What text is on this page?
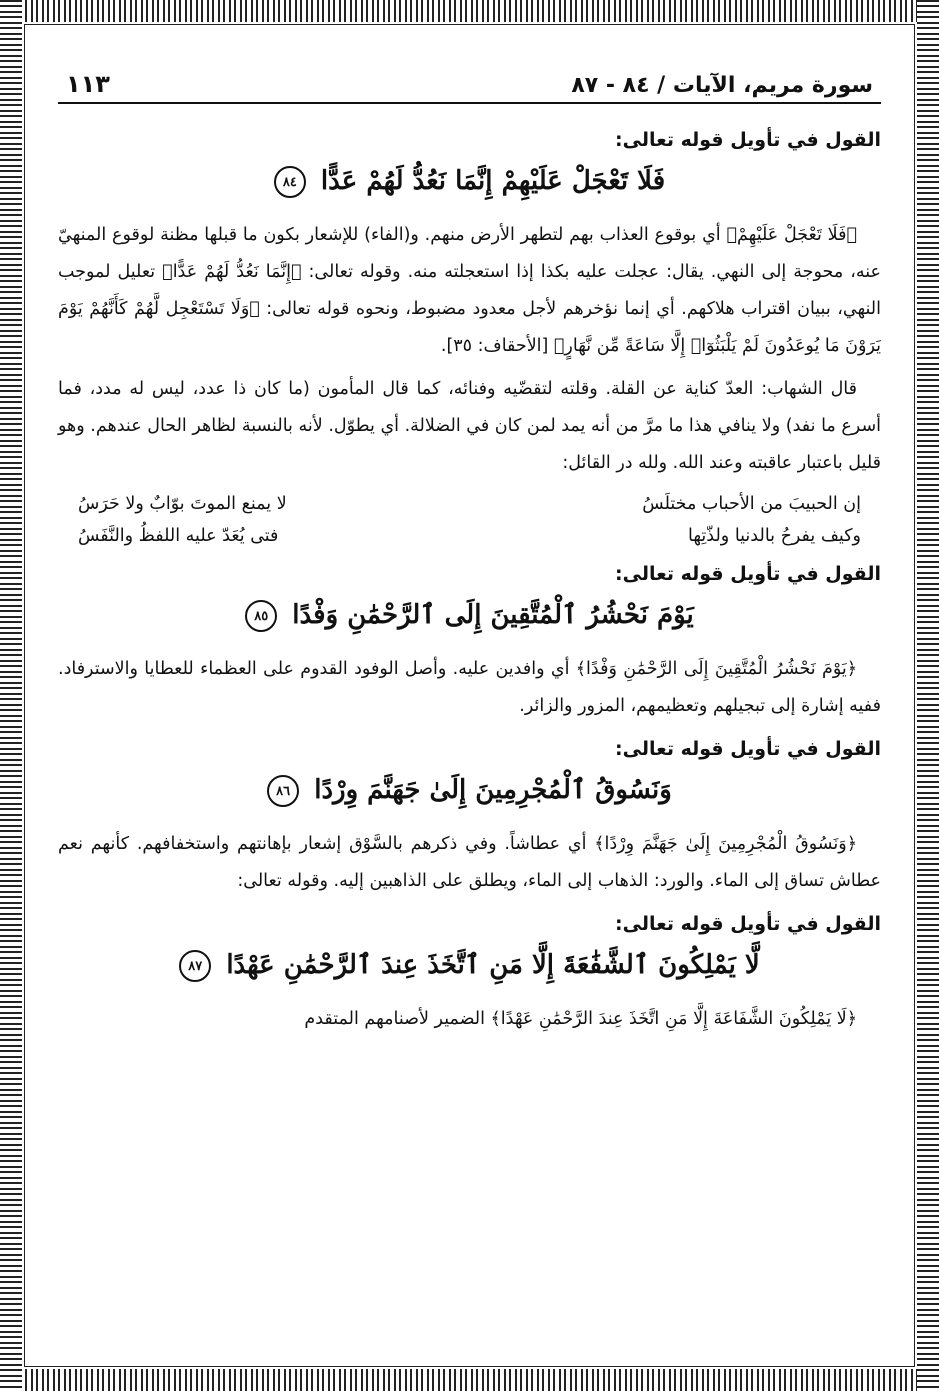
سورة مريم، الآيات / ٨٤ - ٨٧
١١٣
القول في تأويل قوله تعالى:
فَلَا تَعْجَلْ عَلَيْهِمْ إِنَّمَا نَعُدُّ لَهُمْ عَدًّا ٨٤

﴿فَلَا تَعْجَلْ عَلَيْهِمْ﴾ أي بوقوع العذاب بهم لتطهر الأرض منهم. و(الفاء) للإشعار بكون ما قبلها مظنة لوقوع المنهيّ عنه، محوجة إلى النهي. يقال: عجلت عليه بكذا إذا استعجلته منه. وقوله تعالى: ﴿إِنَّمَا نَعُدُّ لَهُمْ عَدًّا﴾ تعليل لموجب النهي، ببيان اقتراب هلاكهم. أي إنما نؤخرهم لأجل معدود مضبوط، ونحوه قوله تعالى: ﴿وَلَا تَسْتَعْجِل لَّهُمْ كَأَنَّهُمْ يَوْمَ يَرَوْنَ مَا يُوعَدُونَ لَمْ يَلْبَثُوٓا۟ إِلَّا سَاعَةً مِّن نَّهَارٍ﴾ [الأحقاف: ٣٥].

قال الشهاب: العدّ كناية عن القلة. وقلته لتقضّيه وفنائه، كما قال المأمون (ما كان ذا عدد، ليس له مدد، فما أسرع ما نفد) ولا ينافي هذا ما مرَّ من أنه يمد لمن كان في الضلالة. أي يطوّل. لأنه بالنسبة لظاهر الحال عندهم. وهو قليل باعتبار عاقبته وعند الله. ولله در القائل:

إن الحبيبَ من الأحباب مختلَسُ
لا يمنع الموتَ بوّابٌ ولا حَرَسُ
وكيف يفرحُ بالدنيا ولذّتِها
فتى يُعَدّ عليه اللفظُ والنَّفَسُ
القول في تأويل قوله تعالى:
يَوْمَ نَحْشُرُ ٱلْمُتَّقِينَ إِلَى ٱلرَّحْمَٰنِ وَفْدًا ٨٥

﴿يَوْمَ نَحْشُرُ الْمُتَّقِينَ إِلَى الرَّحْمَٰنِ وَفْدًا﴾ أي وافدين عليه. وأصل الوفود القدوم على العظماء للعطايا والاسترفاد. ففيه إشارة إلى تبجيلهم وتعظيمهم، المزور والزائر.

القول في تأويل قوله تعالى:
وَنَسُوقُ ٱلْمُجْرِمِينَ إِلَىٰ جَهَنَّمَ وِرْدًا ٨٦

﴿وَنَسُوقُ الْمُجْرِمِينَ إِلَىٰ جَهَنَّمَ وِرْدًا﴾ أي عطاشاً. وفي ذكرهم بالسَّوْق إشعار بإهانتهم واستخفافهم. كأنهم نعم عطاش تساق إلى الماء. والورد: الذهاب إلى الماء، ويطلق على الذاهبين إليه. وقوله تعالى:

القول في تأويل قوله تعالى:
لَّا يَمْلِكُونَ ٱلشَّفَٰعَةَ إِلَّا مَنِ ٱتَّخَذَ عِندَ ٱلرَّحْمَٰنِ عَهْدًا ٨٧

﴿لَا يَمْلِكُونَ الشَّفَاعَةَ إِلَّا مَنِ اتَّخَذَ عِندَ الرَّحْمَٰنِ عَهْدًا﴾ الضمير لأصنامهم المتقدم
